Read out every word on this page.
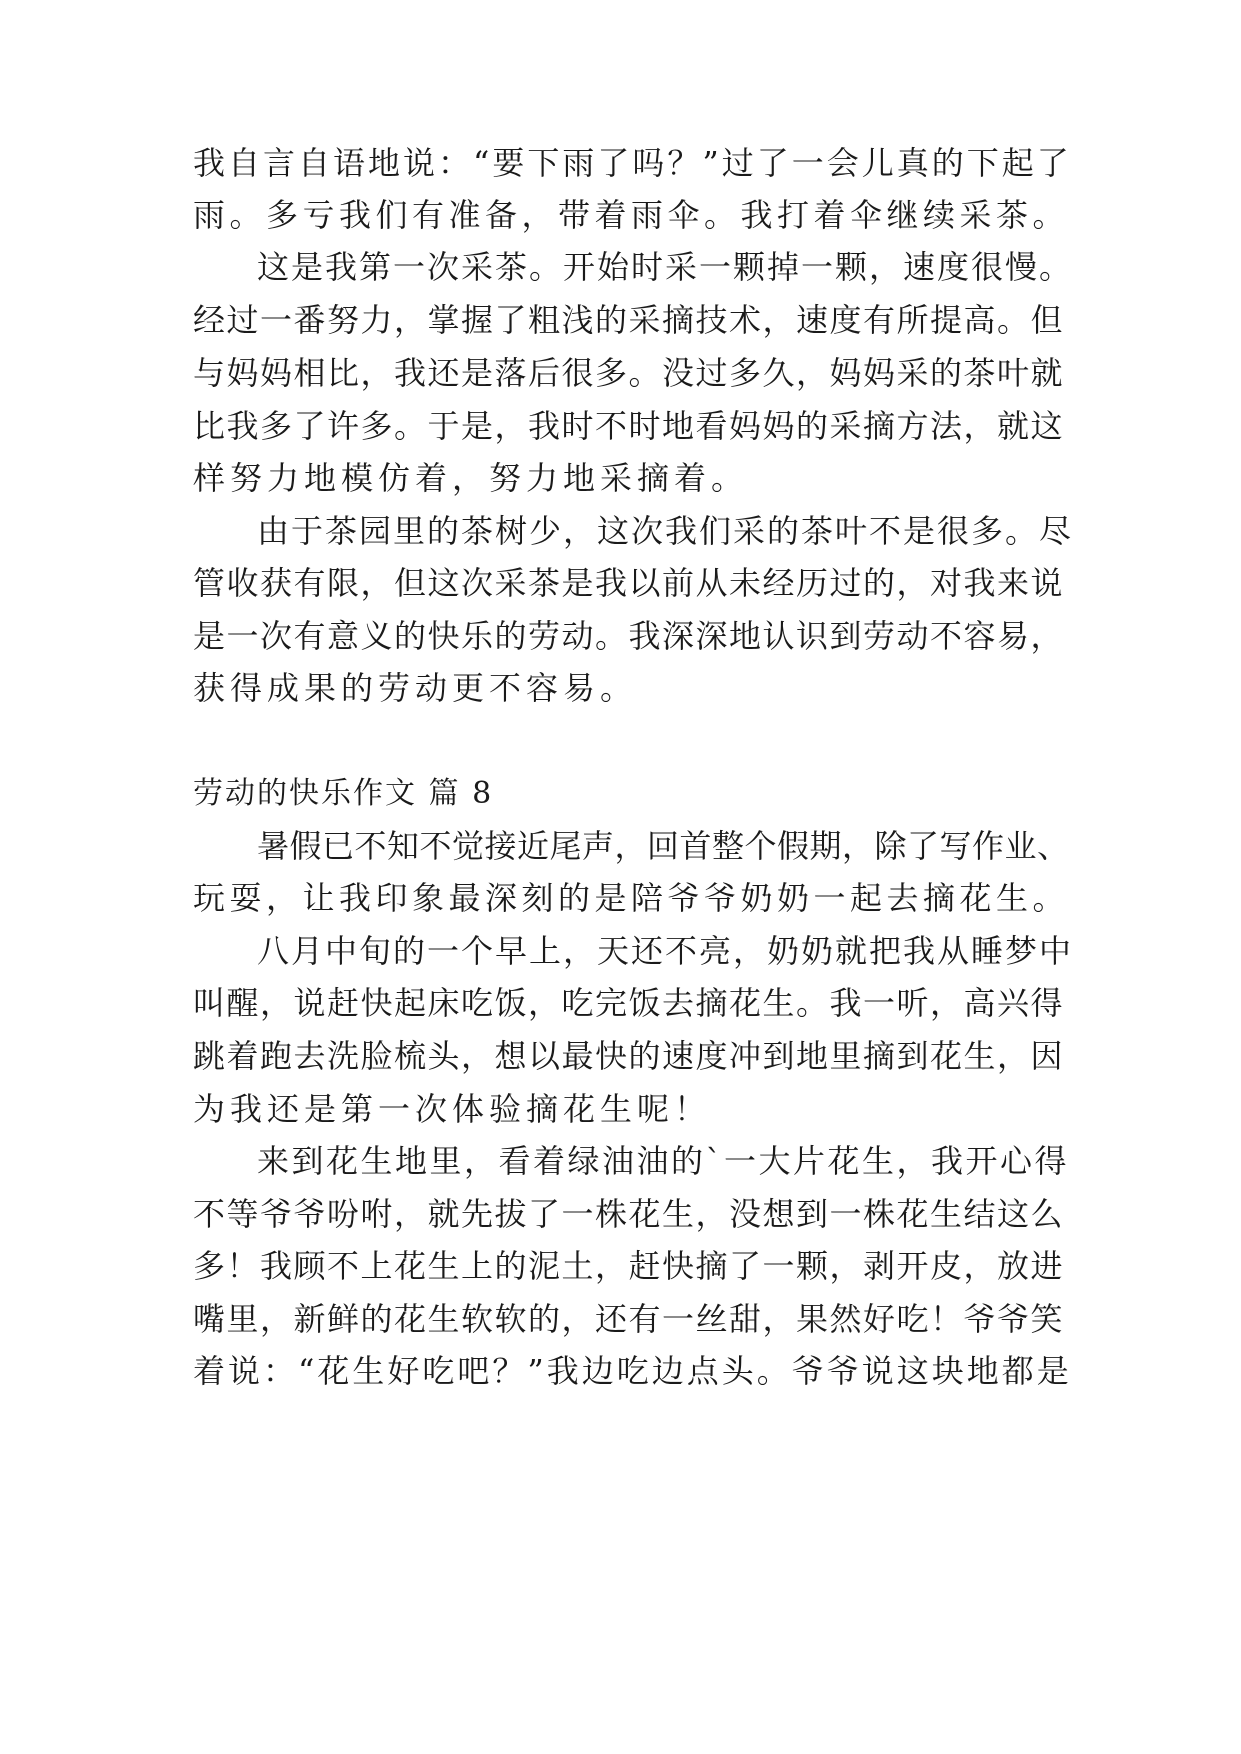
我自言自语地说：“要下雨了吗？”过了一会儿真的下起了
雨。多亏我们有准备，带着雨伞。我打着伞继续采茶。
这是我第一次采茶。开始时采一颗掉一颗，速度很慢。
经过一番努力，掌握了粗浅的采摘技术，速度有所提高。但
与妈妈相比，我还是落后很多。没过多久，妈妈采的茶叶就
比我多了许多。于是，我时不时地看妈妈的采摘方法，就这
样努力地模仿着，努力地采摘着。
由于茶园里的茶树少，这次我们采的茶叶不是很多。尽
管收获有限，但这次采茶是我以前从未经历过的，对我来说
是一次有意义的快乐的劳动。我深深地认识到劳动不容易，
获得成果的劳动更不容易。
劳动的快乐作文 篇 8
暑假已不知不觉接近尾声，回首整个假期，除了写作业、
玩耍，让我印象最深刻的是陪爷爷奶奶一起去摘花生。
八月中旬的一个早上，天还不亮，奶奶就把我从睡梦中
叫醒，说赶快起床吃饭，吃完饭去摘花生。我一听，高兴得
跳着跑去洗脸梳头，想以最快的速度冲到地里摘到花生，因
为我还是第一次体验摘花生呢！
来到花生地里，看着绿油油的`一大片花生，我开心得
不等爷爷吩咐，就先拔了一株花生，没想到一株花生结这么
多！我顾不上花生上的泥土，赶快摘了一颗，剥开皮，放进
嘴里，新鲜的花生软软的，还有一丝甜，果然好吃！爷爷笑
着说：“花生好吃吧？”我边吃边点头。爷爷说这块地都是
